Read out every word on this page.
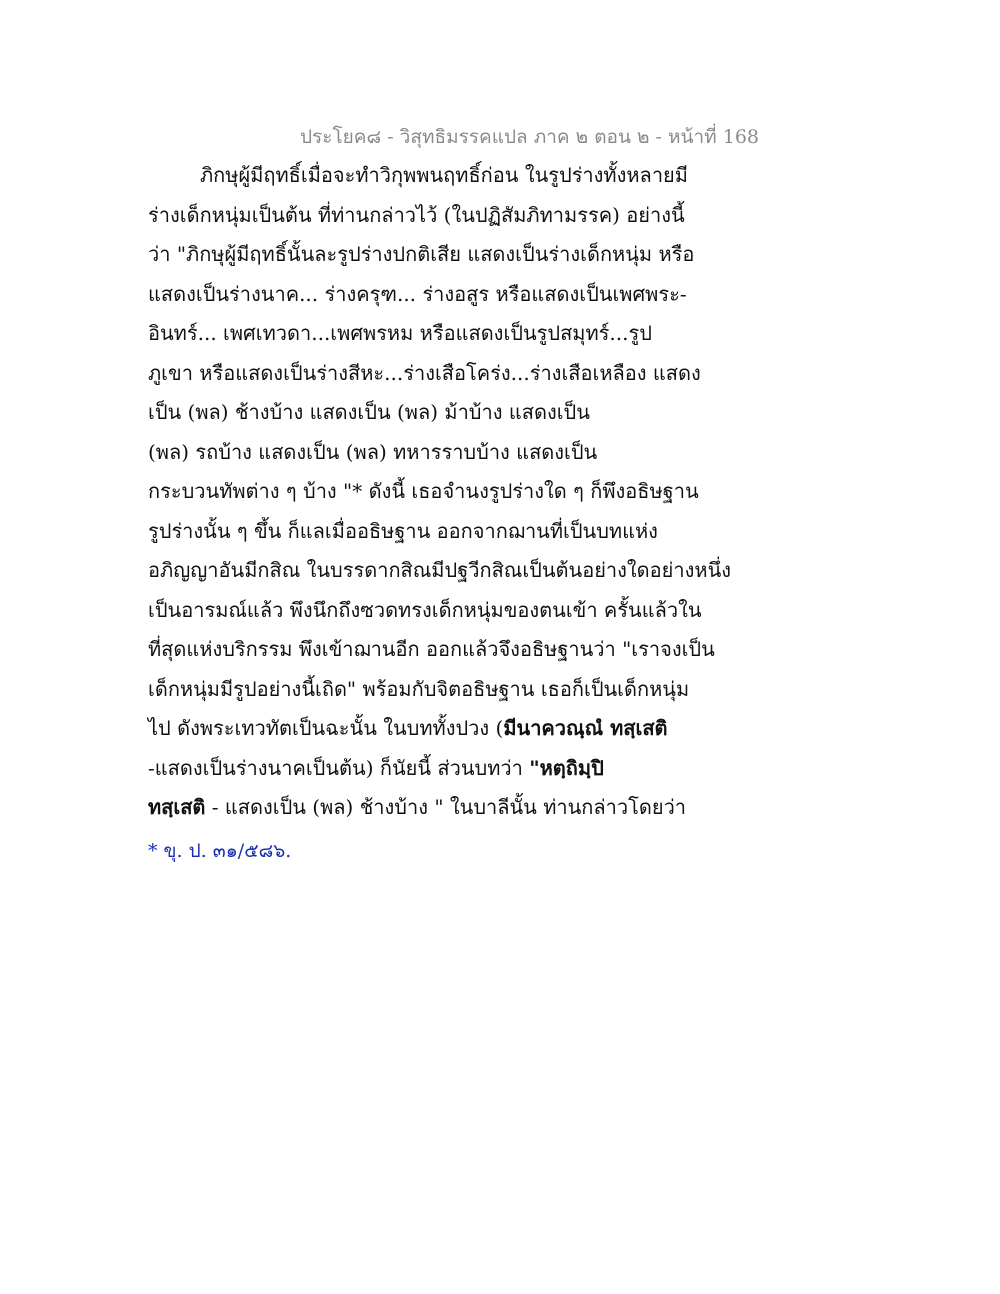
ประโยค๘ - วิสุทธิมรรคแปล ภาค ๒ ตอน ๒ - หน้าที่ 168
ภิกษุผู้มีฤทธิ์เมื่อจะทำวิกุพพนฤทธิ์ก่อน ในรูปร่างทั้งหลายมี
ร่างเด็กหนุ่มเป็นต้น ที่ท่านกล่าวไว้ (ในปฏิสัมภิทามรรค) อย่างนี้
ว่า "ภิกษุผู้มีฤทธิ์นั้นละรูปร่างปกติเสีย แสดงเป็นร่างเด็กหนุ่ม หรือ
แสดงเป็นร่างนาค... ร่างครุฑ... ร่างอสูร หรือแสดงเป็นเพศพระ-
อินทร์... เพศเทวดา...เพศพรหม หรือแสดงเป็นรูปสมุทร์...รูป
ภูเขา หรือแสดงเป็นร่างสีหะ...ร่างเสือโคร่ง...ร่างเสือเหลือง แสดง
เป็น (พล) ช้างบ้าง แสดงเป็น (พล) ม้าบ้าง แสดงเป็น
(พล) รถบ้าง แสดงเป็น (พล) ทหารราบบ้าง แสดงเป็น
กระบวนทัพต่าง ๆ บ้าง "* ดังนี้ เธอจำนงรูปร่างใด ๆ ก็พึงอธิษฐาน
รูปร่างนั้น ๆ ขึ้น ก็แลเมื่ออธิษฐาน ออกจากฌานที่เป็นบทแห่ง
อภิญญาอันมีกสิณ ในบรรดากสิณมีปฐวีกสิณเป็นต้นอย่างใดอย่างหนึ่ง
เป็นอารมณ์แล้ว พึงนึกถึงซวดทรงเด็กหนุ่มของตนเข้า ครั้นแล้วใน
ที่สุดแห่งบริกรรม พึงเข้าฌานอีก ออกแล้วจึงอธิษฐานว่า "เราจงเป็น
เด็กหนุ่มมีรูปอย่างนี้เถิด" พร้อมกับจิตอธิษฐาน เธอก็เป็นเด็กหนุ่ม
ไป ดังพระเทวทัตเป็นฉะนั้น ในบททั้งปวง (มีนาควณฺณํ ทสฺเสติ
-แสดงเป็นร่างนาคเป็นต้น) ก็นัยนี้ ส่วนบทว่า "หตฺถิมฺปิ
ทสฺเสติ - แสดงเป็น (พล) ช้างบ้าง " ในบาลีนั้น ท่านกล่าวโดยว่า
* ขุ. ป. ๓๑/๕๘๖.
